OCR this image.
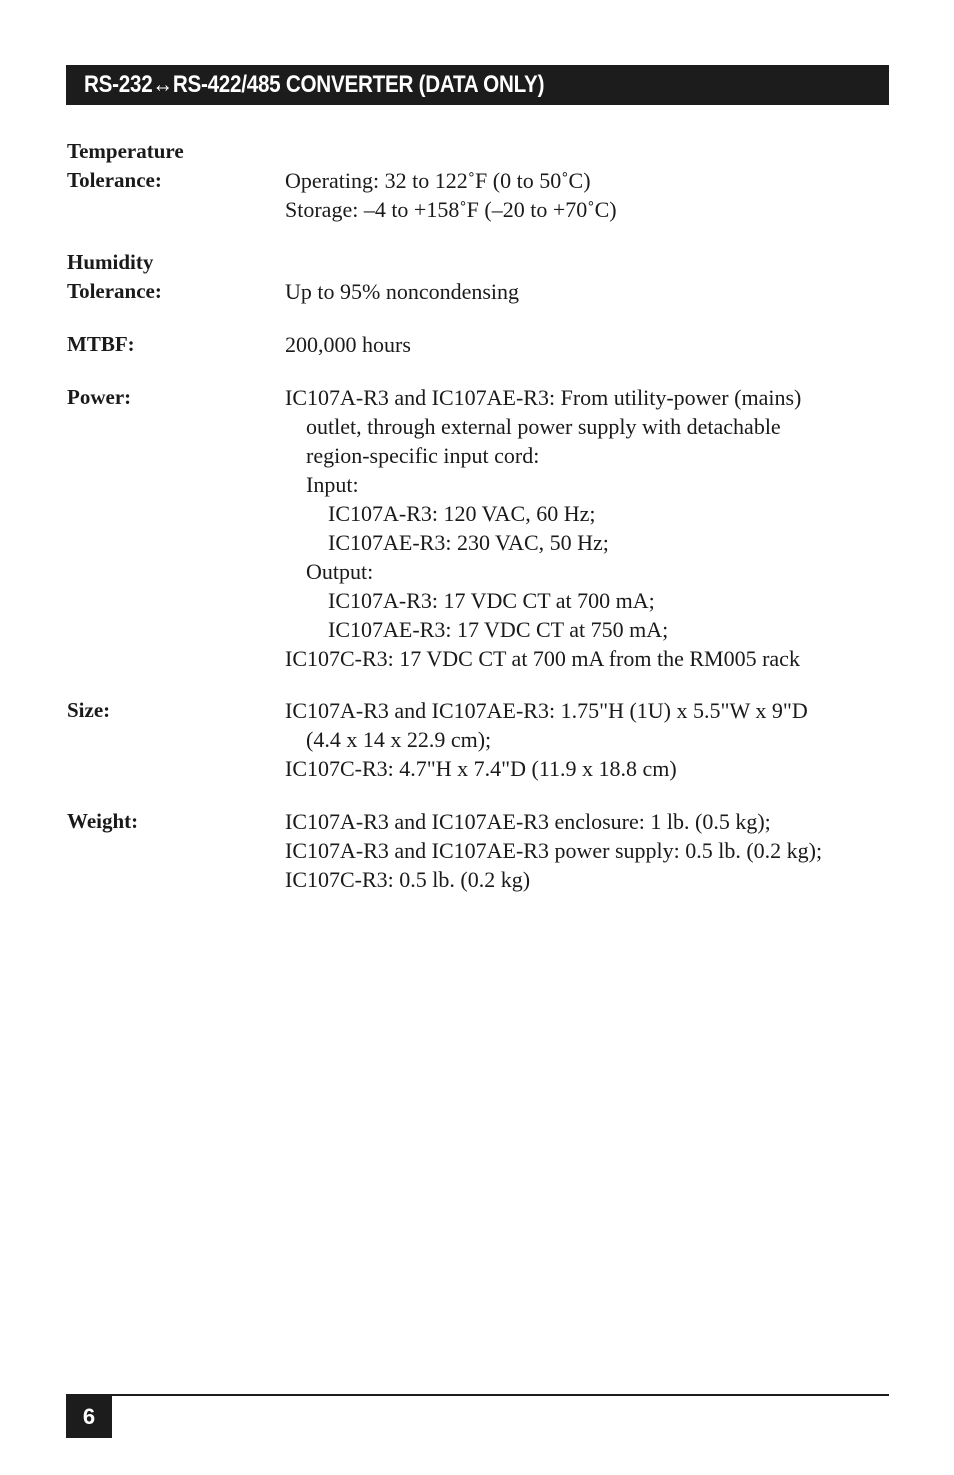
RS-232↔RS-422/485 CONVERTER (DATA ONLY)
Temperature
Tolerance:	Operating: 32 to 122˚F (0 to 50˚C)
Storage: –4 to +158˚F (–20 to +70˚C)
Humidity
Tolerance:	Up to 95% noncondensing
MTBF:	200,000 hours
Power:	IC107A-R3 and IC107AE-R3: From utility-power (mains)
outlet, through external power supply with detachable
region-specific input cord:
Input:
IC107A-R3: 120 VAC, 60 Hz;
IC107AE-R3: 230 VAC, 50 Hz;
Output:
IC107A-R3: 17 VDC CT at 700 mA;
IC107AE-R3: 17 VDC CT at 750 mA;
IC107C-R3: 17 VDC CT at 700 mA from the RM005 rack
Size:	IC107A-R3 and IC107AE-R3: 1.75"H (1U) x 5.5"W x 9"D
(4.4 x 14 x 22.9 cm);
IC107C-R3: 4.7"H x 7.4"D (11.9 x 18.8 cm)
Weight:	IC107A-R3 and IC107AE-R3 enclosure: 1 lb. (0.5 kg);
IC107A-R3 and IC107AE-R3 power supply: 0.5 lb. (0.2 kg);
IC107C-R3: 0.5 lb. (0.2 kg)
6
